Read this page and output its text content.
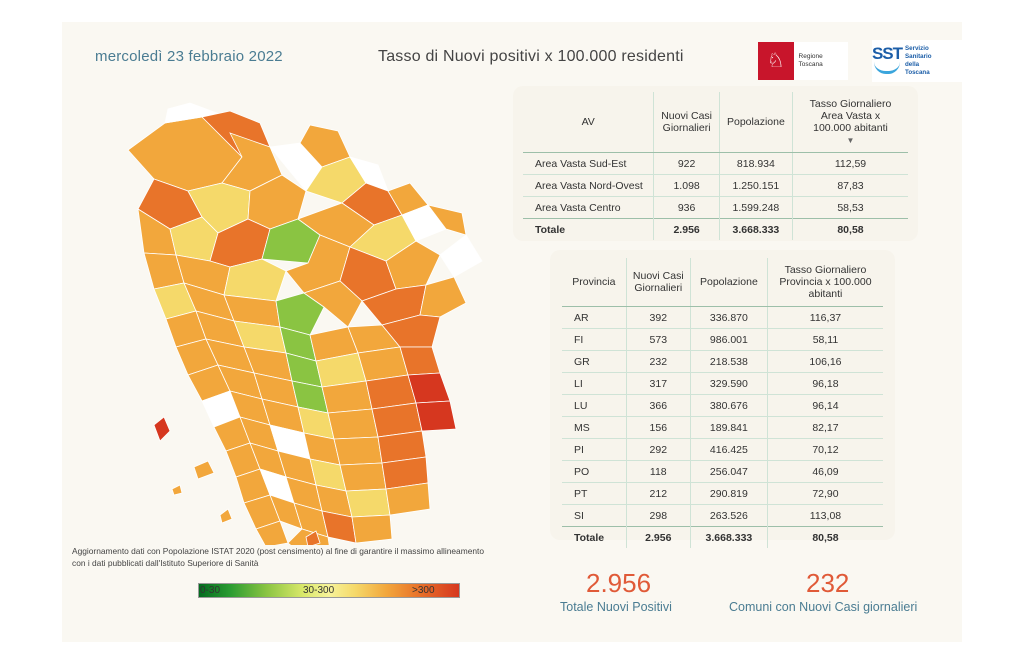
mercoledì 23 febbraio 2022	Tasso di Nuovi positivi x 100.000 residenti	♘	Regione Toscana
SST Servizio
Sanitario
della
Toscana
AV	Nuovi Casi
Giornalieri	Popolazione	
Tasso Giornaliero
Area Vasta x
100.000 abitanti
▼
Area Vasta Sud-Est	922	818.934	112,59
Area Vasta Nord-Ovest	1.098	1.250.151	87,83
Area Vasta Centro	936	1.599.248	58,53
Totale	2.956	3.668.333	80,58
Provincia	Nuovi Casi
Giornalieri	Popolazione	
Tasso Giornaliero
Provincia x 100.000
abitanti

AR	392	336.870	116,37
FI	573	986.001	58,11
GR	232	218.538	106,16
LI	317	329.590	96,18
LU	366	380.676	96,14
MS	156	189.841	82,17
PI	292	416.425	70,12
PO	118	256.047	46,09
PT	212	290.819	72,90
SI	298	263.526	113,08
Totale	2.956	3.668.333	80,58
Aggiornamento dati con Popolazione ISTAT 2020 (post censimento) al fine di garantire il massimo allineamento
con i dati pubblicati dall'Istituto Superiore di Sanità
0-30	30-300	>300	2.956
Totale Nuovi Positivi
232
Comuni con Nuovi Casi giornalieri
